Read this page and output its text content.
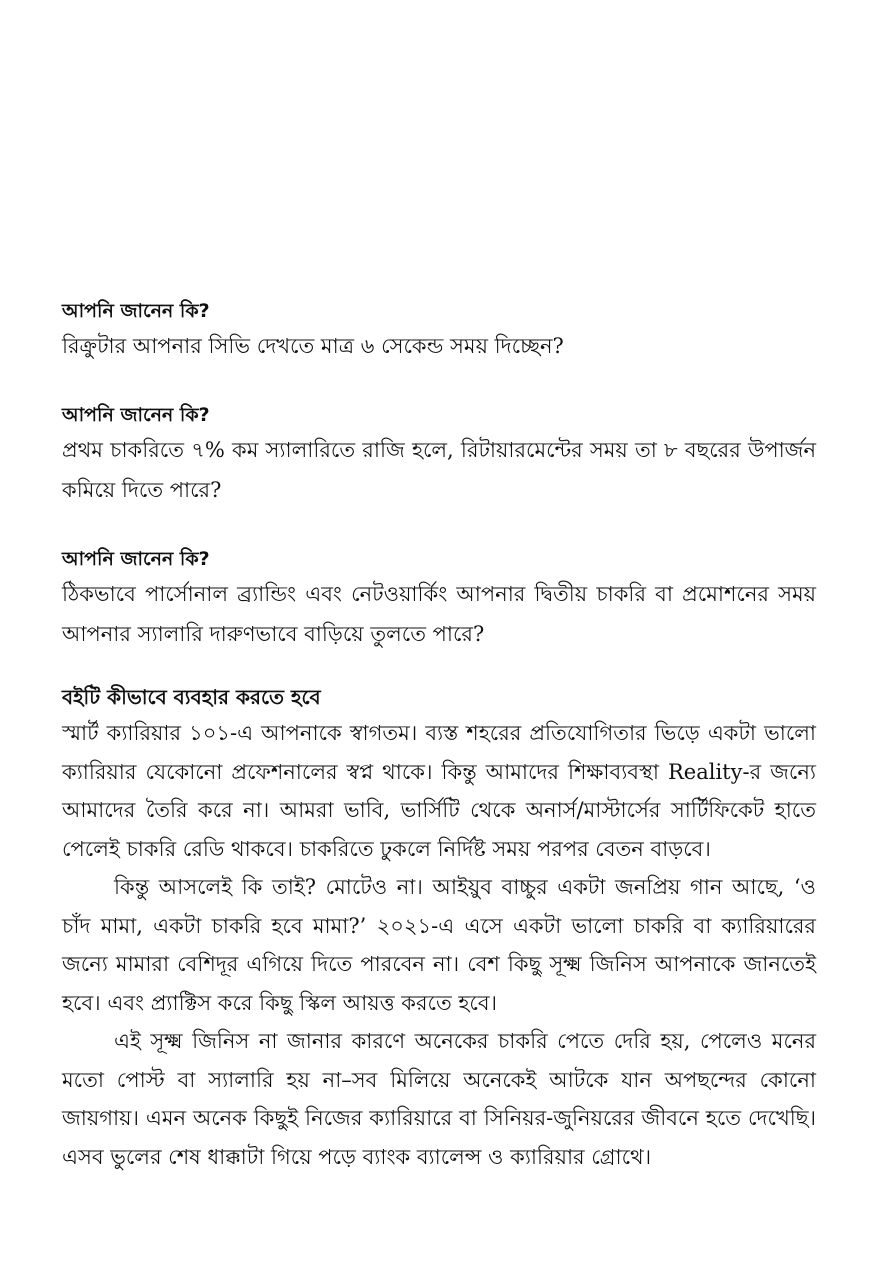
আপনি জানেন কি?

রিক্রুটার আপনার সিভি দেখতে মাত্র ৬ সেকেন্ড সময় দিচ্ছেন?

আপনি জানেন কি?

প্রথম চাকরিতে ৭% কম স্যালারিতে রাজি হলে, রিটায়ারমেন্টের সময় তা ৮ বছরের উপার্জন কমিয়ে দিতে পারে?

আপনি জানেন কি?

ঠিকভাবে পার্সোনাল ব্র্যান্ডিং এবং নেটওয়ার্কিং আপনার দ্বিতীয় চাকরি বা প্রমোশনের সময় আপনার স্যালারি দারুণভাবে বাড়িয়ে তুলতে পারে?

বইটি কীভাবে ব্যবহার করতে হবে

স্মার্ট ক্যারিয়ার ১০১-এ আপনাকে স্বাগতম। ব্যস্ত শহরের প্রতিযোগিতার ভিড়ে একটা ভালো ক্যারিয়ার যেকোনো প্রফেশনালের স্বপ্ন থাকে। কিন্তু আমাদের শিক্ষাব্যবস্থা Reality-র জন্যে আমাদের তৈরি করে না। আমরা ভাবি, ভার্সিটি থেকে অনার্স/মাস্টার্সের সার্টিফিকেট হাতে পেলেই চাকরি রেডি থাকবে। চাকরিতে ঢুকলে নির্দিষ্ট সময় পরপর বেতন বাড়বে।

কিন্তু আসলেই কি তাই? মোটেও না। আইয়ুব বাচ্চুর একটা জনপ্রিয় গান আছে, ‘ও চাঁদ মামা, একটা চাকরি হবে মামা?’ ২০২১-এ এসে একটা ভালো চাকরি বা ক্যারিয়ারের জন্যে মামারা বেশিদূর এগিয়ে দিতে পারবেন না। বেশ কিছু সূক্ষ্ম জিনিস আপনাকে জানতেই হবে। এবং প্র্যাক্টিস করে কিছু স্কিল আয়ত্ত করতে হবে।

এই সূক্ষ্ম জিনিস না জানার কারণে অনেকের চাকরি পেতে দেরি হয়, পেলেও মনের মতো পোস্ট বা স্যালারি হয় না–সব মিলিয়ে অনেকেই আটকে যান অপছন্দের কোনো জায়গায়। এমন অনেক কিছুই নিজের ক্যারিয়ারে বা সিনিয়র-জুনিয়রের জীবনে হতে দেখেছি। এসব ভুলের শেষ ধাক্কাটা গিয়ে পড়ে ব্যাংক ব্যালেন্স ও ক্যারিয়ার গ্রোথে।
